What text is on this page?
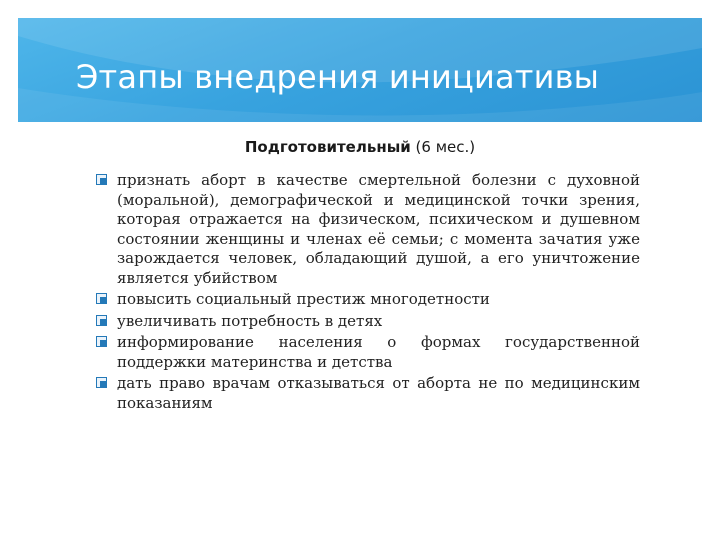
Этапы внедрения инициативы
Подготовительный (6 мес.)
признать аборт в качестве смертельной болезни с духовной (моральной), демографической и медицинской точки зрения, которая отражается на физическом, психическом и душевном состоянии женщины и членах её семьи; с момента зачатия уже зарождается человек, обладающий душой, а его уничтожение является убийством
повысить социальный престиж многодетности
увеличивать потребность в детях
информирование населения о формах государственной поддержки материнства и детства
дать право врачам отказываться от аборта не по медицинским показаниям
